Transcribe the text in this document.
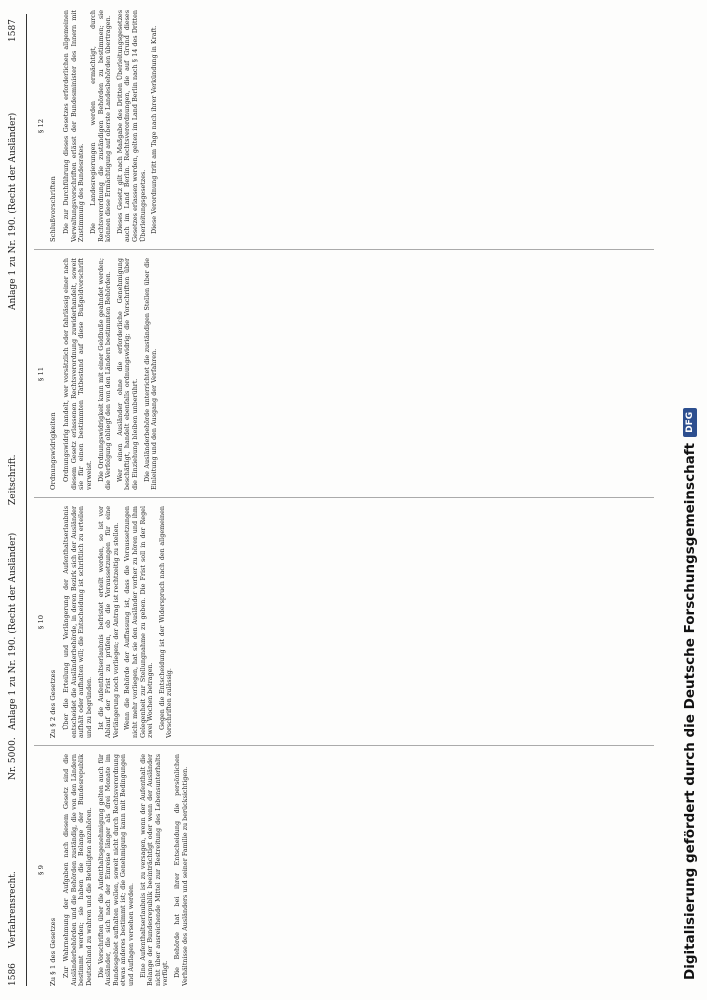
1586
Verfahrensrecht.
Nr. 5000.
Anlage 1 zu Nr. 190. (Recht der Ausländer)
Zeitschrift.
Anlage 1 zu Nr. 190. (Recht der Ausländer)
1587

§ 9

Zu § 1 des Gesetzes Zur Wahrnehmung der Aufgaben nach diesem Gesetz sind die Ausländerbehörden und die Behörden zuständig, die von den Ländern bestimmt werden; sie haben die Belange der Bundesrepublik Deutschland zu wahren und die Beteiligten anzuhören. Die Vorschriften über die Aufenthaltsgenehmigung gelten auch für Ausländer, die sich nach der Einreise länger als drei Monate im Bundesgebiet aufhalten wollen, soweit nicht durch Rechtsverordnung etwas anderes bestimmt ist; die Genehmigung kann mit Bedingungen und Auflagen versehen werden. Eine Aufenthaltserlaubnis ist zu versagen, wenn der Aufenthalt die Belange der Bundesrepublik beeinträchtigt oder wenn der Ausländer nicht über ausreichende Mittel zur Bestreitung des Lebensunterhalts verfügt. Die Behörde hat bei ihrer Entscheidung die persönlichen Verhältnisse des Ausländers und seiner Familie zu berücksichtigen.

§ 10

Zu § 2 des Gesetzes Über die Erteilung und Verlängerung der Aufenthaltserlaubnis entscheidet die Ausländerbehörde, in deren Bezirk sich der Ausländer aufhält oder aufhalten will; die Entscheidung ist schriftlich zu erteilen und zu begründen. Ist die Aufenthaltserlaubnis befristet erteilt worden, so ist vor Ablauf der Frist zu prüfen, ob die Voraussetzungen für eine Verlängerung noch vorliegen; der Antrag ist rechtzeitig zu stellen. Wenn die Behörde der Auffassung ist, dass die Voraussetzungen nicht mehr vorliegen, hat sie den Ausländer vorher zu hören und ihm Gelegenheit zur Stellungnahme zu geben. Die Frist soll in der Regel zwei Wochen betragen. Gegen die Entscheidung ist der Widerspruch nach den allgemeinen Vorschriften zulässig.

§ 11

Ordnungswidrigkeiten Ordnungswidrig handelt, wer vorsätzlich oder fahrlässig einer nach diesem Gesetz erlassenen Rechtsverordnung zuwiderhandelt, soweit sie für einen bestimmten Tatbestand auf diese Bußgeldvorschrift verweist. Die Ordnungswidrigkeit kann mit einer Geldbuße geahndet werden; die Verfolgung obliegt den von den Ländern bestimmten Behörden. Wer einen Ausländer ohne die erforderliche Genehmigung beschäftigt, handelt ebenfalls ordnungswidrig; die Vorschriften über die Einziehung bleiben unberührt. Die Ausländerbehörde unterrichtet die zuständigen Stellen über die Einleitung und den Ausgang der Verfahren.

§ 12

Schlußvorschriften Die zur Durchführung dieses Gesetzes erforderlichen allgemeinen Verwaltungsvorschriften erlässt der Bundesminister des Innern mit Zustimmung des Bundesrates. Die Landesregierungen werden ermächtigt, durch Rechtsverordnung die zuständigen Behörden zu bestimmen; sie können diese Ermächtigung auf oberste Landesbehörden übertragen. Dieses Gesetz gilt nach Maßgabe des Dritten Überleitungsgesetzes auch im Land Berlin. Rechtsverordnungen, die auf Grund dieses Gesetzes erlassen werden, gelten im Land Berlin nach § 14 des Dritten Überleitungsgesetzes. Diese Verordnung tritt am Tage nach ihrer Verkündung in Kraft.

Digitalisierung gefördert durch die Deutsche ForschungsgemeinschaftDFG
